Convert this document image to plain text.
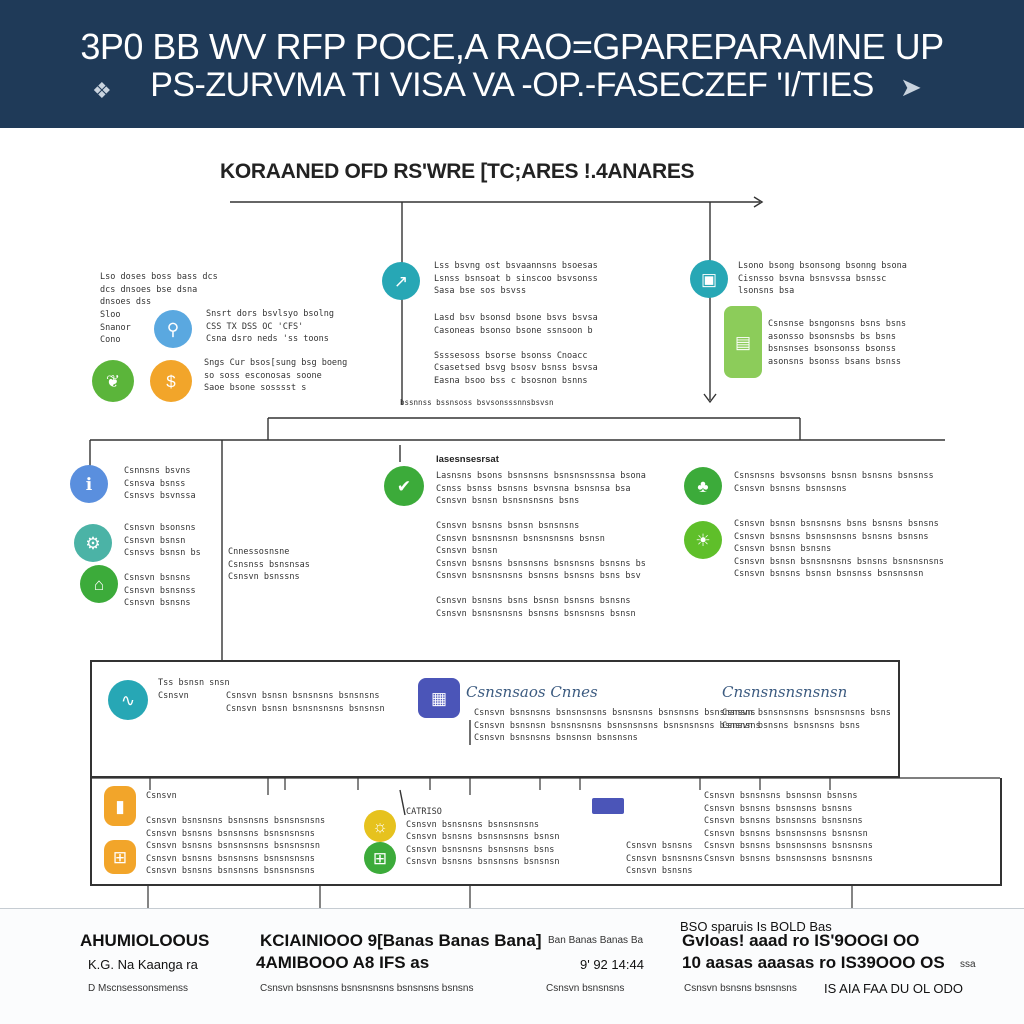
3P0 BB WV RFP POCE,A RAO=GPAREPARAMNE UP
PS-ZURVMA TI VISA VA -OP.-FASECZEF 'I/TIES
❖	➤
KORAANED OFD RS'WRE [TC;ARES !.4ANARES
Lso doses boss bass dcs
dcs dnsoes bse dsna
dnsoes dss
Sloo
Snanor
Cono
⚲
Snsrt dors bsvlsyo bsolng
CSS TX DSS OC 'CFS'
Csna dsro neds 'ss toons
❦	$
Sngs Cur bsos[sung bsg boeng
so soss esconosas soone
Saoe bsone sosssst s
↗
Lss bsvng ost bsvaannsns bsoesas
Lsnss bsnsoat b sinscoo bsvsonss
Sasa bse sos bsvss
Lasd bsv bsonsd bsone bsvs bsvsa
Casoneas bsonso bsone ssnsoon b

Ssssesoss bsorse bsonss Cnoacc
Csasetsed bsvg bsosv bsnss bsvsa
Easna bsoo bss c bsosnon bsnns
bssnnss bssnsoss bsvsonsssnnsbsvsn
▣
Lsono bsong bsonsong bsonng bsona
Cisnsso bsvna bsnsvssa bsnssc
lsonsns bsa
▤
Csnsnse bsngonsns bsns bsns
asonsso bsonsnsbs bs bsns
bsnsnses bsonsonss bsonss
asonsns bsonss bsans bsnss
ℹ
Csnnsns bsvns
Csnsva bsnss
Csnsvs bsvnssa
⚙
⌂
Csnsvn bsonsns
Csnsvn bsnsn
Csnsvs bsnsn bs

Csnsvn bsnsns
Csnsvn bsnsnss
Csnsvn bsnsns
Cnnessosnsne
Csnsnss bsnsnsas
Csnsvn bsnssns
✔
lasesnsesrsat
Lasnsns bsons bsnsnsns bsnsnsnssnsa bsona
Csnss bsnss bsnsns bsvnsna bsnsnsa bsa
Csnsvn bsnsn bsnsnsnsns bsns

Csnsvn bsnsns bsnsn bsnsnsns
Csnsvn bsnsnsnsn bsnsnsnsns bsnsn
Csnsvn bsnsn
Csnsvn bsnsns bsnsnsns bsnsnsns bsnsns bs
Csnsvn bsnsnsnsns bsnsns bsnsns bsns bsv

Csnsvn bsnsns bsns bsnsn bsnsns bsnsns
Csnsvn bsnsnsnsns bsnsns bsnsnsns bsnsn
♣
☀
Csnsnsns bsvsonsns bsnsn bsnsns bsnsnss
Csnsvn bsnsns bsnsnsns
Csnsvn bsnsn bsnsnsns bsns bsnsns bsnsns
Csnsvn bsnsns bsnsnsnsns bsnsns bsnsns
Csnsvn bsnsn bsnsns
Csnsvn bsnsn bsnsnsnsns bsnsns bsnsnsnsns
Csnsvn bsnsns bsnsn bsnsnss bsnsnsnsn
∿
Tss bsnsn snsn
Csnsvn	Csnsvn bsnsn bsnsnsns bsnsnsns
Csnsvn bsnsn bsnsnsnsns bsnsnsn
▦ Csnsnsaos Cnnes
Csnsvn bsnsnsns bsnsnsnsns bsnsnsns bsnsnsns bsnsnsnsns
Csnsvn bsnsnsn bsnsnsnsns bsnsnsnsns bsnsnsnsns bsnsnsns
Csnsvn bsnsnsns bsnsnsn bsnsnsns
Cnsnsnsnsnsnsn
Csnsvn bsnsnsnsns bsnsnsnsns bsns
Csnsvn bsnsns bsnsnsns bsns
▮
⊞
Csnsvn

Csnsvn bsnsnsns bsnsnsns bsnsnsnsns
Csnsvn bsnsns bsnsnsns bsnsnsnsns
Csnsvn bsnsns bsnsnsnsns bsnsnsnsn
Csnsvn bsnsns bsnsnsns bsnsnsnsns
Csnsvn bsnsns bsnsnsns bsnsnsnsns
☼
⊞
CATRISO
Csnsvn bsnsnsns bsnsnsnsns
Csnsvn bsnsns bsnsnsnsns bsnsn
Csnsvn bsnsnsns bsnsnsns bsns
Csnsvn bsnsns bsnsnsns bsnsnsn
Csnsvn bsnsns
Csnsvn bsnsnsns
Csnsvn bsnsns
Csnsvn bsnsnsns bsnsnsn bsnsns
Csnsvn bsnsns bsnsnsns bsnsns
Csnsvn bsnsns bsnsnsns bsnsnsns
Csnsvn bsnsns bsnsnsnsns bsnsnsn
Csnsvn bsnsns bsnsnsnsns bsnsnsns
Csnsvn bsnsns bsnsnsnsns bsnsnsns
AHUMIOLOOUS	KCIAINIOOO 9[Banas Banas Bana] Ban Banas Banas Ba
BSO sparuis Is BOLD Bas
GvIoas! aaad ro IS'9OOGI OO
K.G. Na Kaanga ra	4AMIBOOO A8 IFS as	9' 92 14:44 10 aasas aaasas ro IS39OOO OS ssa
D Mscnsessonsmenss	Csnsvn bsnsnsns bsnsnsnsns bsnsnsns bsnsns	Csnsvn bsnsnsns	Csnsvn bsnsns bsnsnsns IS AIA FAA DU OL ODO
